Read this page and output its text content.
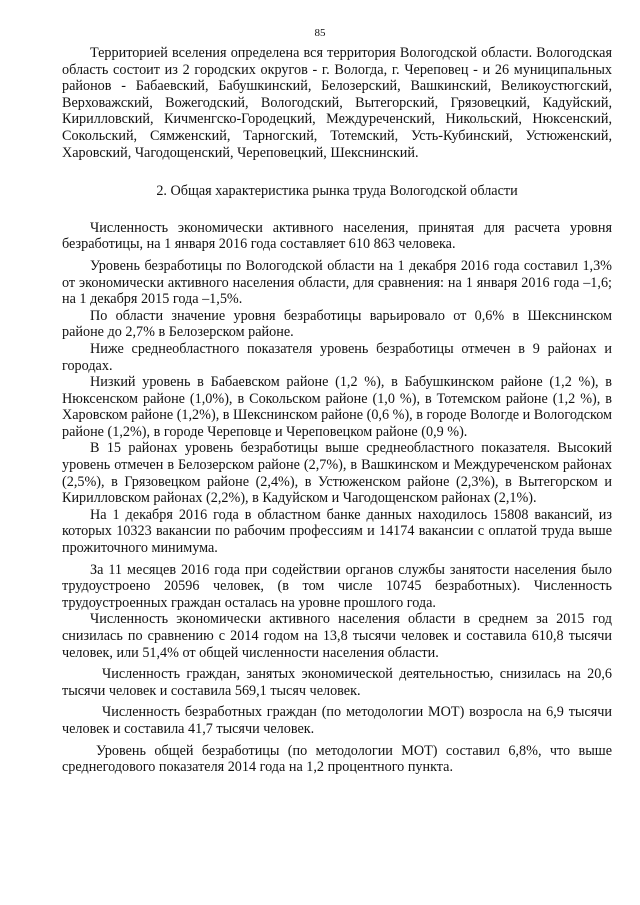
85

Территорией вселения определена вся территория Вологодской области. Вологодская область состоит из 2 городских округов - г. Вологда, г. Череповец - и 26 муниципальных районов - Бабаевский, Бабушкинский, Белозерский, Вашкинский, Великоустюгский, Верховажский, Вожегодский, Вологодский, Вытегорский, Грязовецкий, Кадуйский, Кирилловский, Кичменгско-Городецкий, Междуреченский, Никольский, Нюксенский, Сокольский, Сямженский, Тарногский, Тотемский, Усть-Кубинский, Устюженский, Харовский, Чагодощенский, Череповецкий, Шекснинский.

2. Общая характеристика рынка труда Вологодской области

Численность экономически активного населения, принятая для расчета уровня безработицы, на 1 января 2016 года составляет 610 863 человека.

Уровень безработицы по Вологодской области на 1 декабря 2016 года составил 1,3% от экономически активного населения области, для сравнения: на 1 января 2016 года –1,6; на 1 декабря 2015 года –1,5%.

По области значение уровня безработицы варьировало от 0,6% в Шекснинском районе до 2,7% в Белозерском районе.

Ниже среднеобластного показателя уровень безработицы отмечен в 9 районах и городах.

Низкий уровень в Бабаевском районе (1,2 %), в Бабушкинском районе (1,2 %), в Нюксенском районе (1,0%), в Сокольском районе (1,0 %), в Тотемском районе (1,2 %), в Харовском районе (1,2%), в Шекснинском районе (0,6 %), в городе Вологде и Вологодском районе (1,2%), в городе Череповце и Череповецком районе (0,9 %).

В 15 районах уровень безработицы выше среднеобластного показателя. Высокий уровень отмечен в Белозерском районе (2,7%), в Вашкинском и Междуреченском районах (2,5%), в Грязовецком районе (2,4%), в Устюженском районе (2,3%), в Вытегорском и Кирилловском районах (2,2%), в Кадуйском и Чагодощенском районах (2,1%).

На 1 декабря 2016 года в областном банке данных находилось 15808 вакансий, из которых 10323 вакансии по рабочим профессиям и 14174 вакансии с оплатой труда выше прожиточного минимума.

За 11 месяцев 2016 года при содействии органов службы занятости населения было трудоустроено 20596 человек, (в том числе 10745 безработных). Численность трудоустроенных граждан осталась на уровне прошлого года.

Численность экономически активного населения области в среднем за 2015 год снизилась по сравнению с 2014 годом на 13,8 тысячи человек и составила 610,8 тысячи человек, или 51,4% от общей численности населения области.

Численность граждан, занятых экономической деятельностью, снизилась на 20,6 тысячи человек и составила 569,1 тысяч человек.

Численность безработных граждан (по методологии МОТ) возросла на 6,9 тысячи человек и составила 41,7 тысячи человек.

Уровень общей безработицы (по методологии МОТ) составил 6,8%, что выше среднегодового показателя 2014 года на 1,2 процентного пункта.
